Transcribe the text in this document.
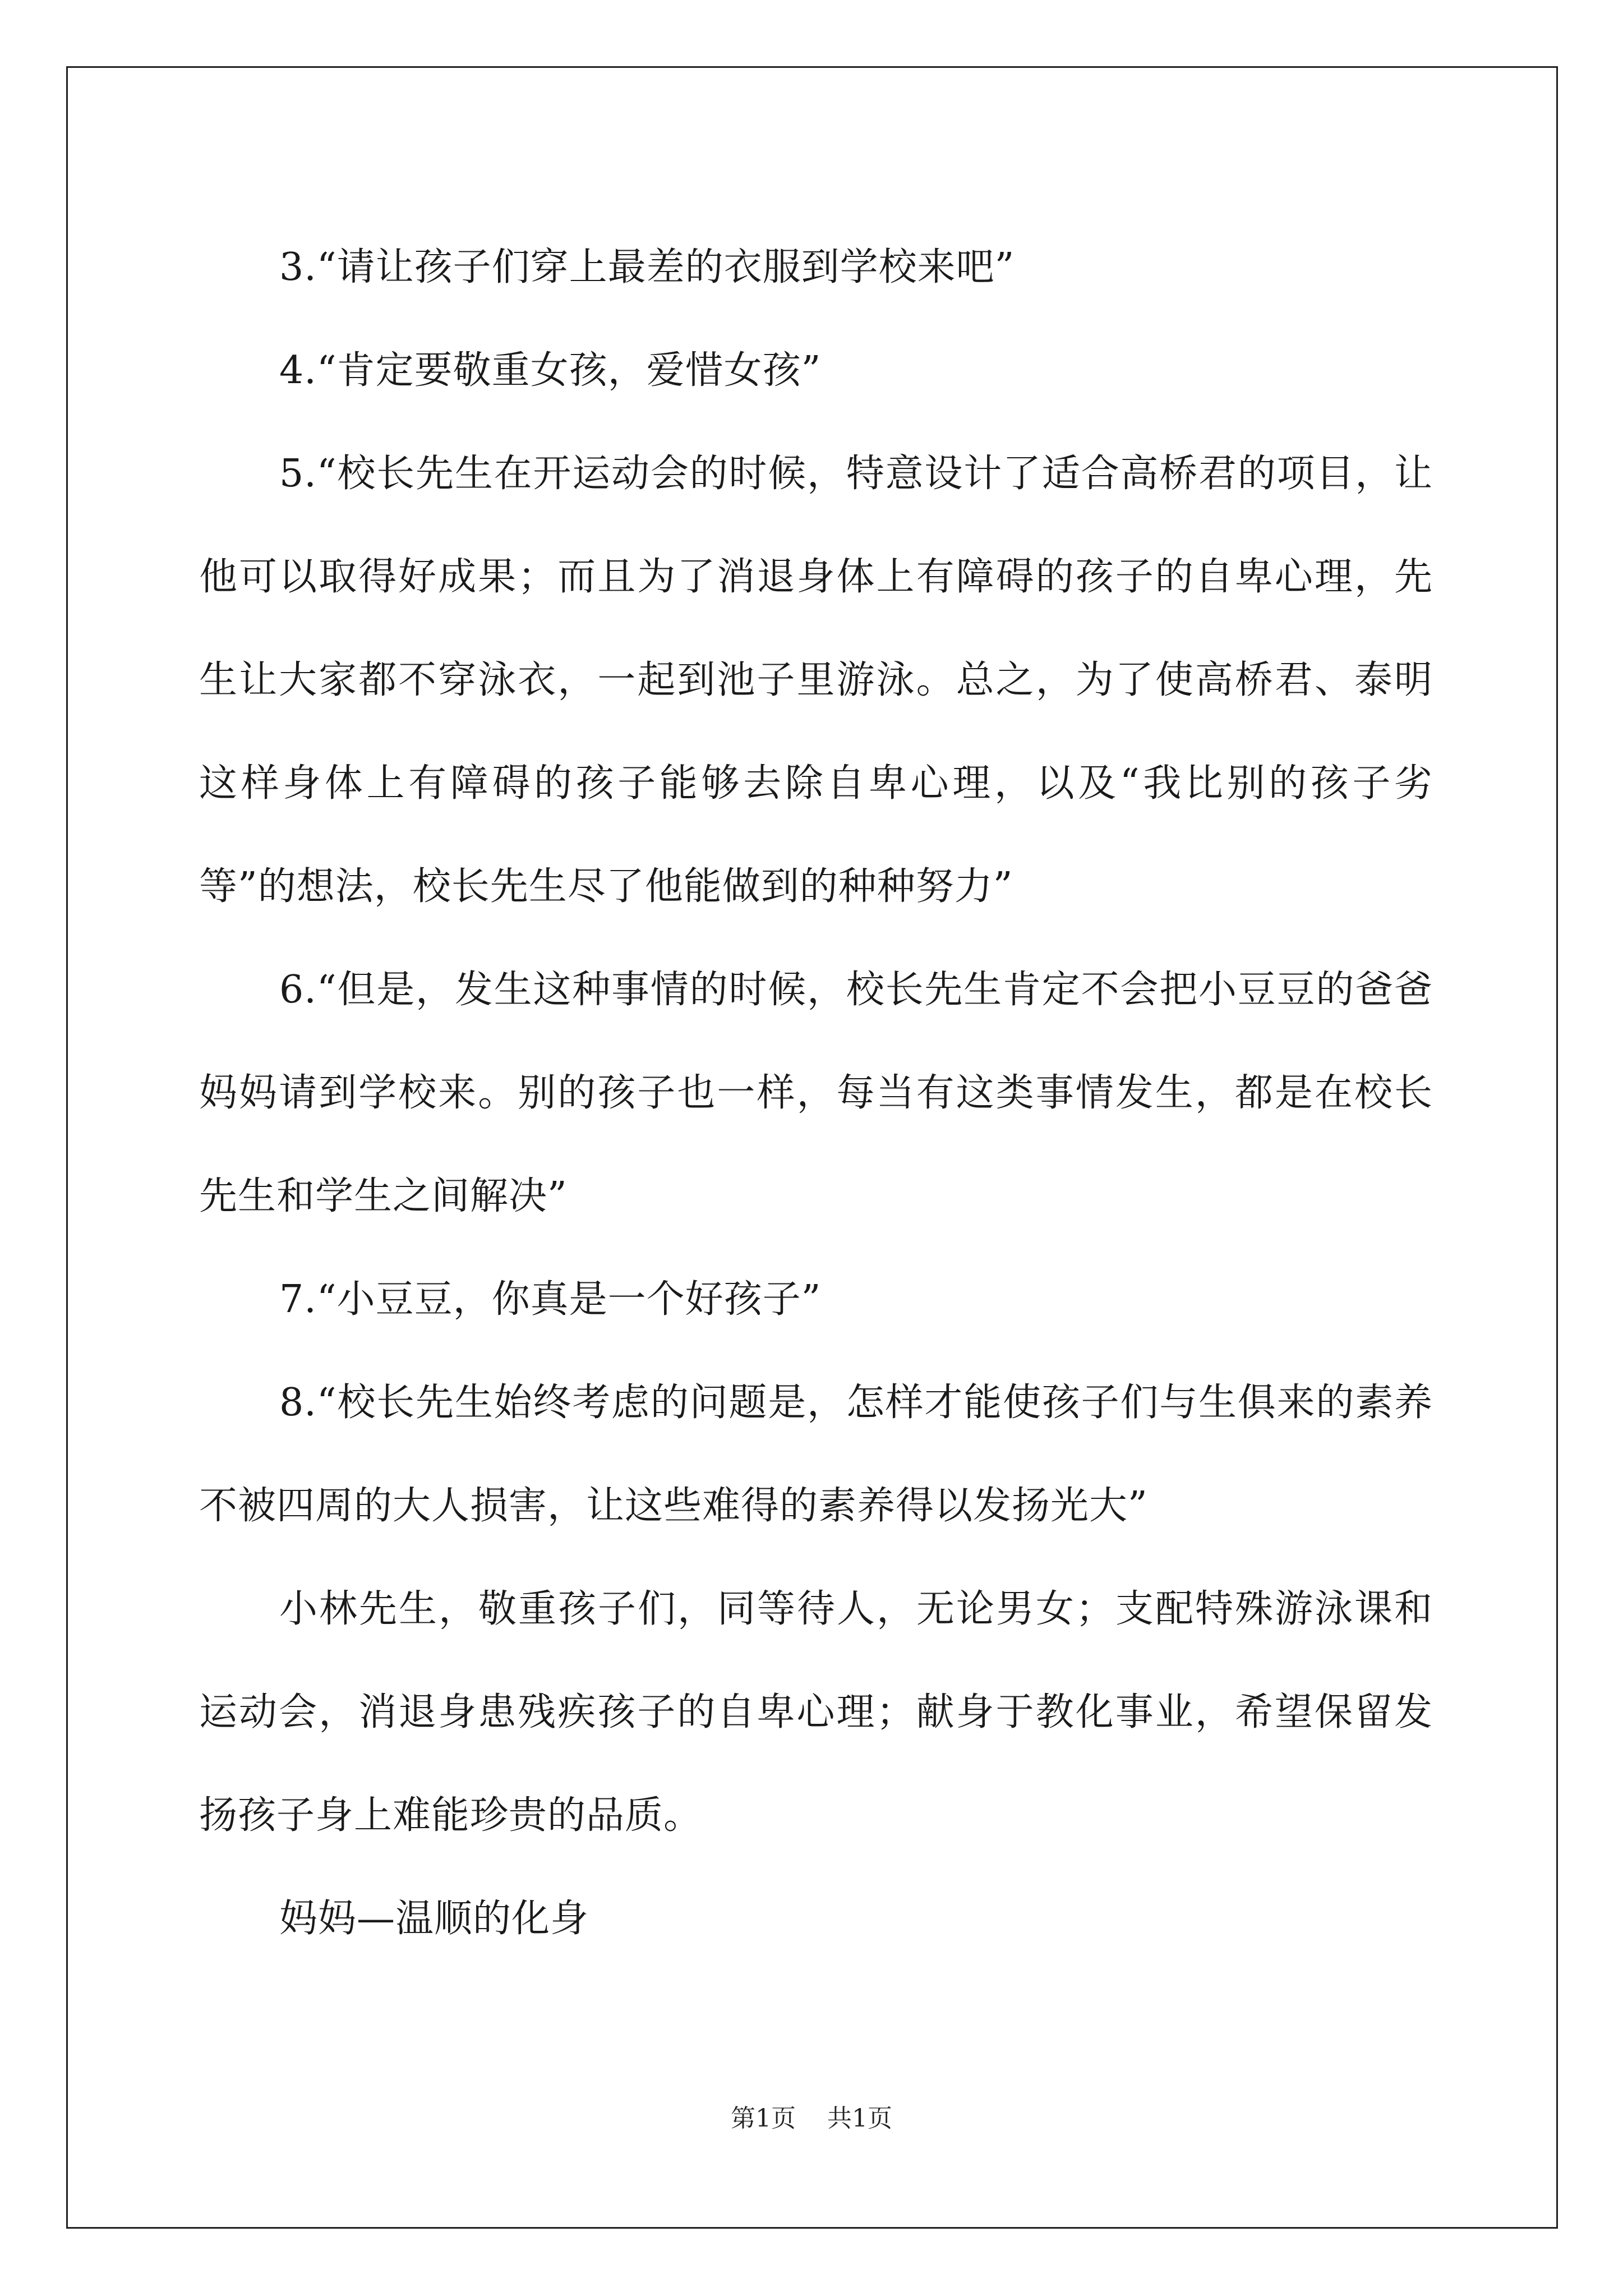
3.“请让孩子们穿上最差的衣服到学校来吧”

4.“肯定要敬重女孩，爱惜女孩”

5.“校长先生在开运动会的时候，特意设计了适合高桥君的项目，让他可以取得好成果；而且为了消退身体上有障碍的孩子的自卑心理，先生让大家都不穿泳衣，一起到池子里游泳。总之，为了使高桥君、泰明这样身体上有障碍的孩子能够去除自卑心理，以及“我比别的孩子劣等”的想法，校长先生尽了他能做到的种种努力”

6.“但是，发生这种事情的时候，校长先生肯定不会把小豆豆的爸爸妈妈请到学校来。别的孩子也一样，每当有这类事情发生，都是在校长先生和学生之间解决”

7.“小豆豆，你真是一个好孩子”

8.“校长先生始终考虑的问题是，怎样才能使孩子们与生俱来的素养不被四周的大人损害，让这些难得的素养得以发扬光大”

小林先生，敬重孩子们，同等待人，无论男女；支配特殊游泳课和运动会，消退身患残疾孩子的自卑心理；献身于教化事业，希望保留发扬孩子身上难能珍贵的品质。

妈妈—温顺的化身

第1页 共1页
